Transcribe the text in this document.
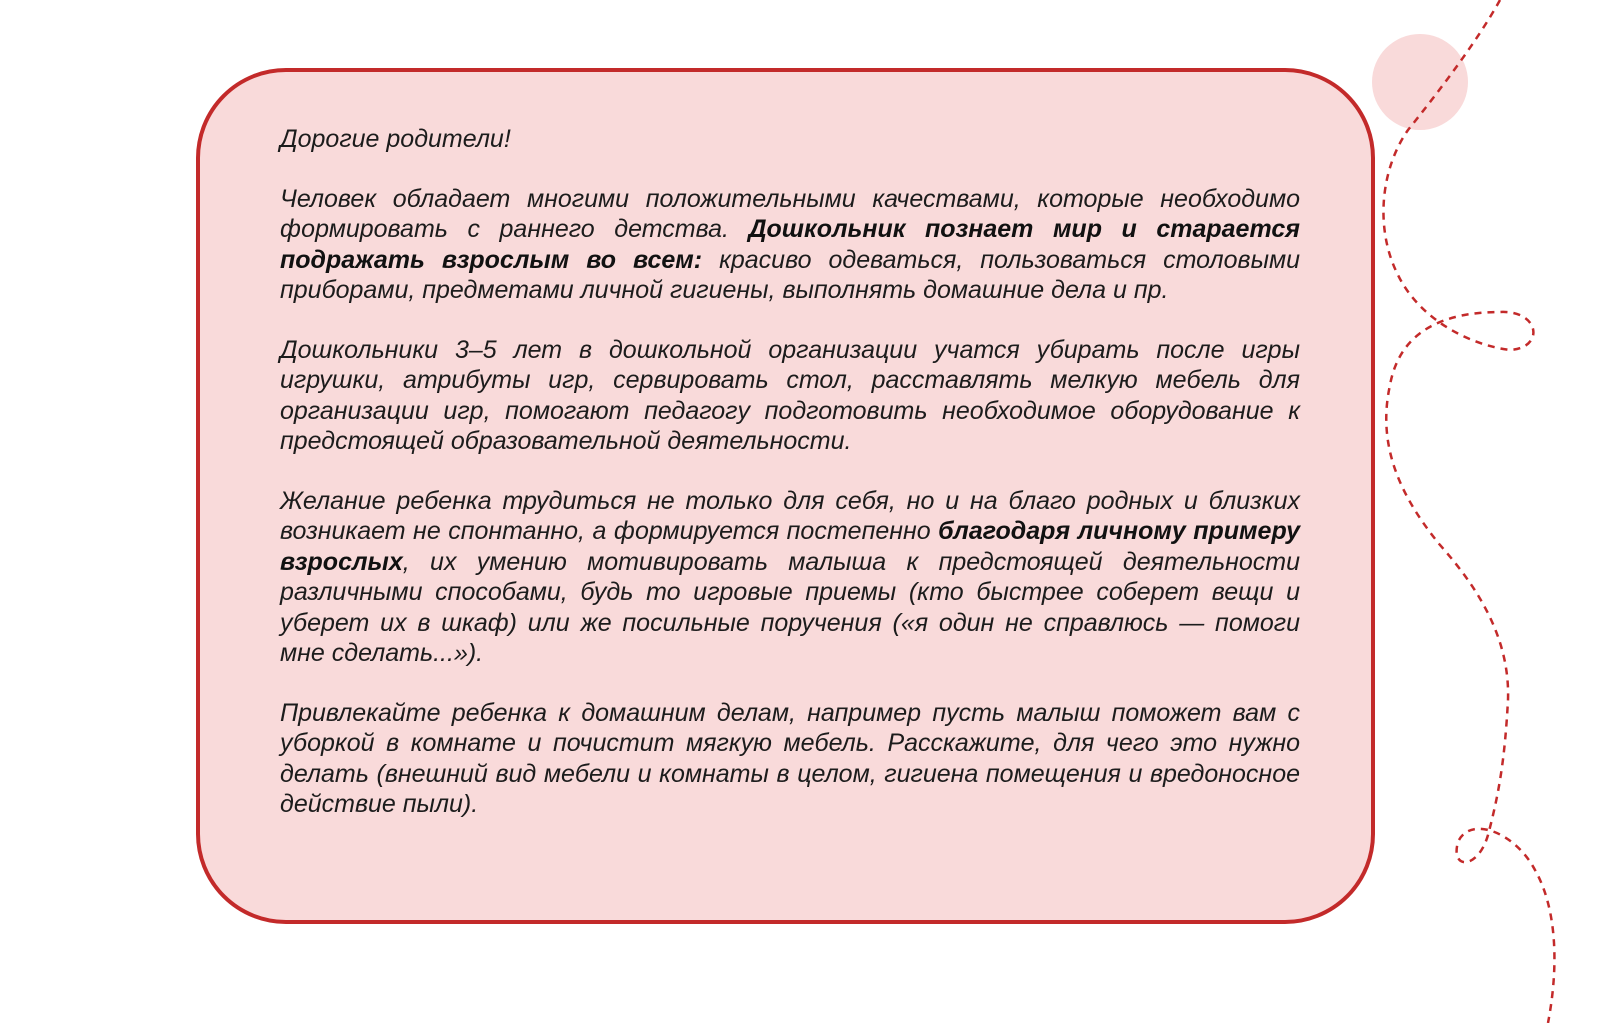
Дорогие родители!

Человек обладает многими положительными качествами, которые необходимо формировать с раннего детства. Дошкольник познает мир и старается подражать взрослым во всем: красиво одеваться, пользоваться столовыми приборами, предметами личной гигиены, выполнять домашние дела и пр.

Дошкольники 3–5 лет в дошкольной организации учатся убирать после игры игрушки, атрибуты игр, сервировать стол, расставлять мелкую мебель для организации игр, помогают педагогу подготовить необходимое оборудование к предстоящей образовательной деятельности.

Желание ребенка трудиться не только для себя, но и на благо родных и близких возникает не спонтанно, а формируется постепенно благодаря личному примеру взрослых, их умению мотивировать малыша к предстоящей деятельности различными способами, будь то игровые приемы (кто быстрее соберет вещи и уберет их в шкаф) или же посильные поручения («я один не справлюсь — помоги мне сделать...»).

Привлекайте ребенка к домашним делам, например пусть малыш поможет вам с уборкой в комнате и почистит мягкую мебель. Расскажите, для чего это нужно делать (внешний вид мебели и комнаты в целом, гигиена помещения и вредоносное действие пыли).
